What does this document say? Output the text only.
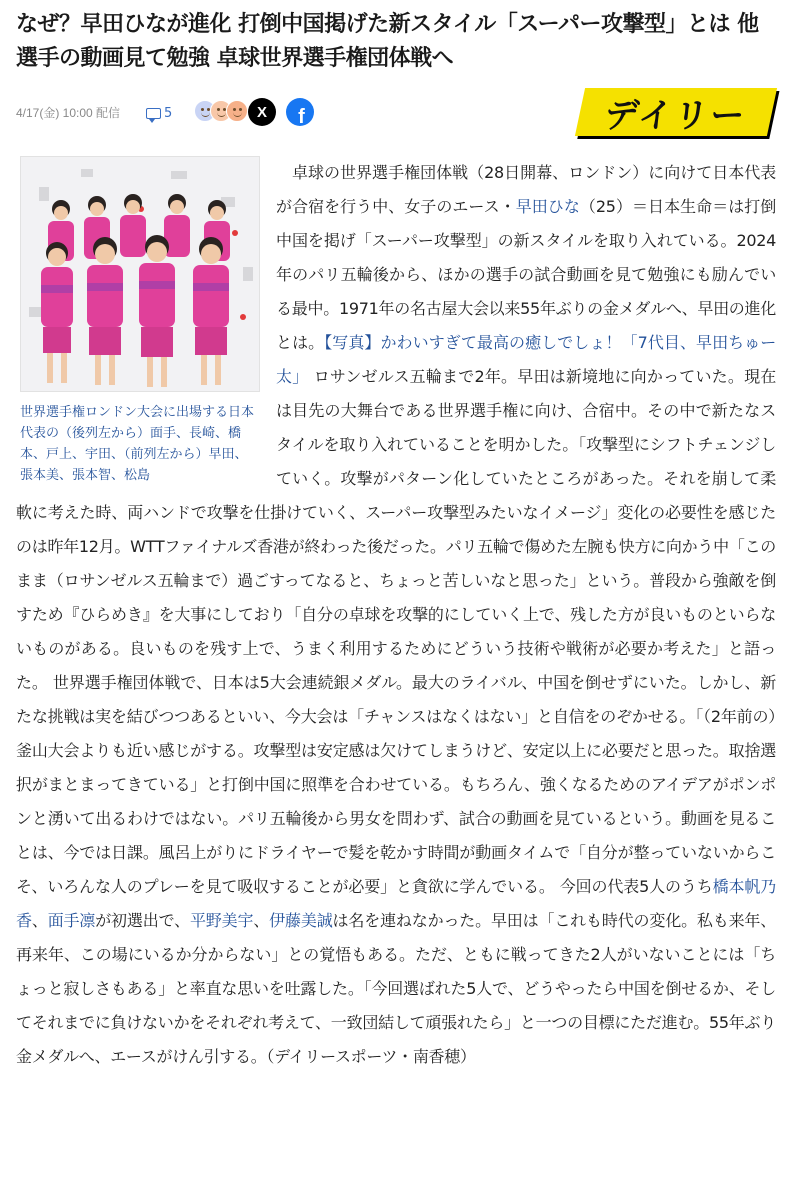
なぜ？早田ひなが進化 打倒中国掲げた新スタイル「スーパー攻撃型」とは 他選手の動画見て勉強 卓球世界選手権団体戦へ
4/17(金) 10:00 配信	5	X	f	デイリー

世界選手権ロンドン大会に出場する日本代表の（後列左から）面手、長崎、橋本、戸上、宇田、（前列左から）早田、張本美、張本智、松島

　卓球の世界選手権団体戦（28日開幕、ロンドン）に向けて日本代表が合宿を行う中、女子のエース・早田ひな（25）＝日本生命＝は打倒中国を掲げ「スーパー攻撃型」の新スタイルを取り入れている。2024年のパリ五輪後から、ほかの選手の試合動画を見て勉強にも励んでいる最中。1971年の名古屋大会以来55年ぶりの金メダルへ、早田の進化とは。【写真】かわいすぎて最高の癒しでしょ！「7代目、早田ちゅー太」 ロサンゼルス五輪まで2年。早田は新境地に向かっていた。現在は目先の大舞台である世界選手権に向け、合宿中。その中で新たなスタイルを取り入れていることを明かした。「攻撃型にシフトチェンジしていく。攻撃がパターン化していたところがあった。それを崩して柔軟に考えた時、両ハンドで攻撃を仕掛けていく、スーパー攻撃型みたいなイメージ」変化の必要性を感じたのは昨年12月。WTTファイナルズ香港が終わった後だった。パリ五輪で傷めた左腕も快方に向かう中「このまま（ロサンゼルス五輪まで）過ごすってなると、ちょっと苦しいなと思った」という。普段から強敵を倒すため『ひらめき』を大事にしており「自分の卓球を攻撃的にしていく上で、残した方が良いものといらないものがある。良いものを残す上で、うまく利用するためにどういう技術や戦術が必要か考えた」と語った。 世界選手権団体戦で、日本は5大会連続銀メダル。最大のライバル、中国を倒せずにいた。しかし、新たな挑戦は実を結びつつあるといい、今大会は「チャンスはなくはない」と自信をのぞかせる。「（2年前の）釜山大会よりも近い感じがする。攻撃型は安定感は欠けてしまうけど、安定以上に必要だと思った。取捨選択がまとまってきている」と打倒中国に照準を合わせている。もちろん、強くなるためのアイデアがポンポンと湧いて出るわけではない。パリ五輪後から男女を問わず、試合の動画を見ているという。動画を見ることは、今では日課。風呂上がりにドライヤーで髪を乾かす時間が動画タイムで「自分が整っていないからこそ、いろんな人のプレーを見て吸収することが必要」と貪欲に学んでいる。 今回の代表5人のうち橋本帆乃香、面手凛が初選出で、平野美宇、伊藤美誠は名を連ねなかった。早田は「これも時代の変化。私も来年、再来年、この場にいるか分からない」との覚悟もある。ただ、ともに戦ってきた2人がいないことには「ちょっと寂しさもある」と率直な思いを吐露した。「今回選ばれた5人で、どうやったら中国を倒せるか、そしてそれまでに負けないかをそれぞれ考えて、一致団結して頑張れたら」と一つの目標にただ進む。55年ぶり金メダルへ、エースがけん引する。（デイリースポーツ・南香穂）
